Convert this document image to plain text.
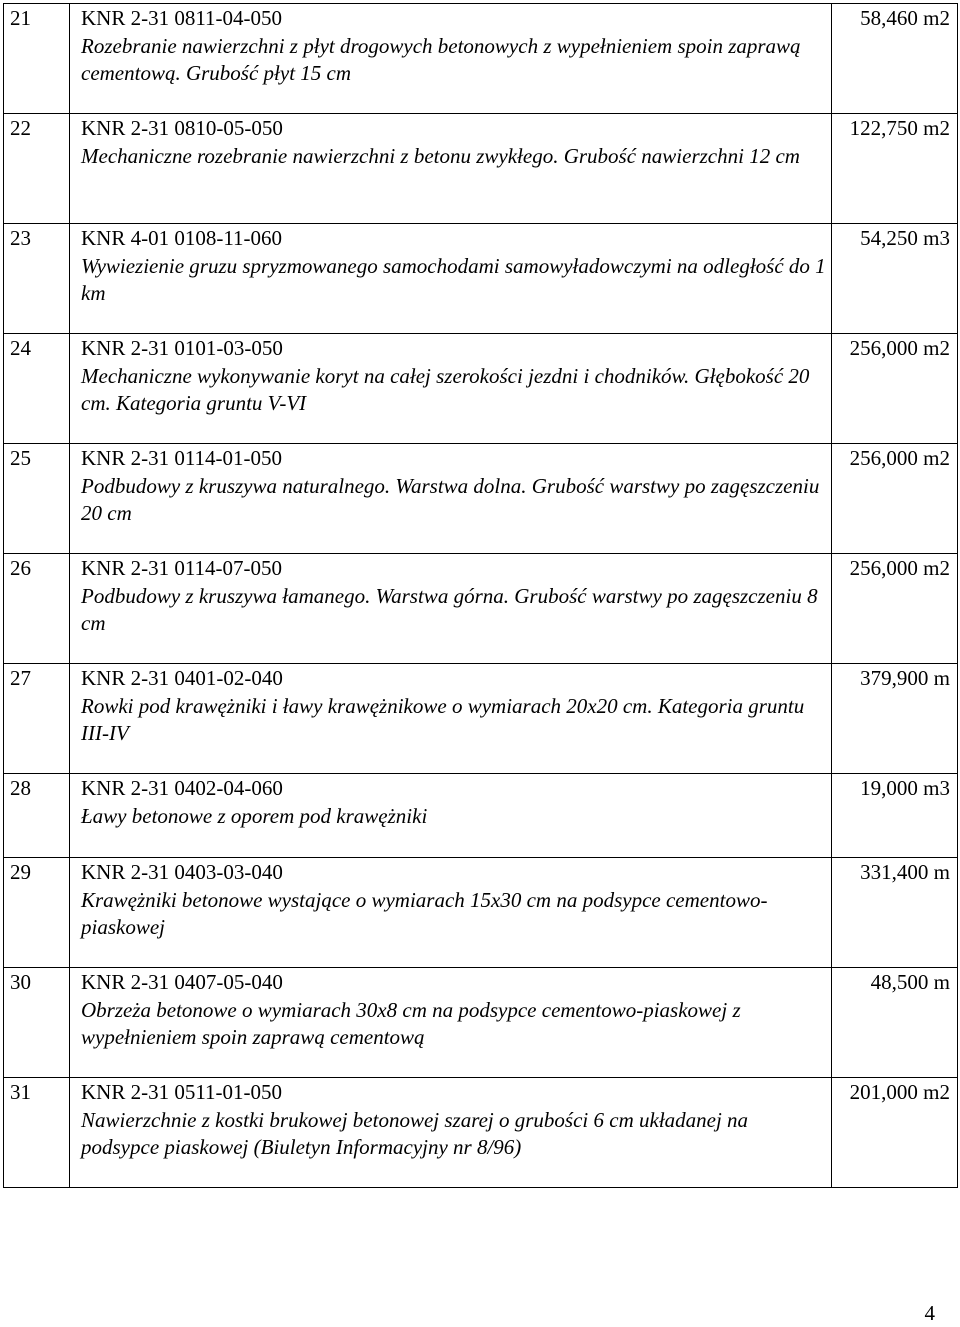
21	KNR 2-31 0811-04-050
Rozebranie nawierzchni z płyt drogowych betonowych z wypełnieniem spoin zaprawą cementową. Grubość płyt 15 cm	58,460 m2
22	KNR 2-31 0810-05-050
Mechaniczne rozebranie nawierzchni z betonu zwykłego. Grubość nawierzchni 12 cm	122,750 m2
23	KNR 4-01 0108-11-060
Wywiezienie gruzu spryzmowanego samochodami samowyładowczymi na odległość do 1 km	54,250 m3
24	KNR 2-31 0101-03-050
Mechaniczne wykonywanie koryt na całej szerokości jezdni i chodników. Głębokość 20 cm. Kategoria gruntu V-VI	256,000 m2
25	KNR 2-31 0114-01-050
Podbudowy z kruszywa naturalnego. Warstwa dolna. Grubość warstwy po zagęszczeniu 20 cm	256,000 m2
26	KNR 2-31 0114-07-050
Podbudowy z kruszywa łamanego. Warstwa górna. Grubość warstwy po zagęszczeniu 8 cm	256,000 m2
27	KNR 2-31 0401-02-040
Rowki pod krawężniki i ławy krawężnikowe o wymiarach 20x20 cm. Kategoria gruntu III-IV	379,900 m
28	KNR 2-31 0402-04-060
Ławy betonowe z oporem pod krawężniki	19,000 m3
29	KNR 2-31 0403-03-040
Krawężniki betonowe wystające o wymiarach 15x30 cm na podsypce cementowo-piaskowej	331,400 m
30	KNR 2-31 0407-05-040
Obrzeża betonowe o wymiarach 30x8 cm na podsypce cementowo-piaskowej z wypełnieniem spoin zaprawą cementową	48,500 m
31	KNR 2-31 0511-01-050
Nawierzchnie z kostki brukowej betonowej szarej o grubości 6 cm układanej na podsypce piaskowej (Biuletyn Informacyjny nr 8/96)	201,000 m2
4
